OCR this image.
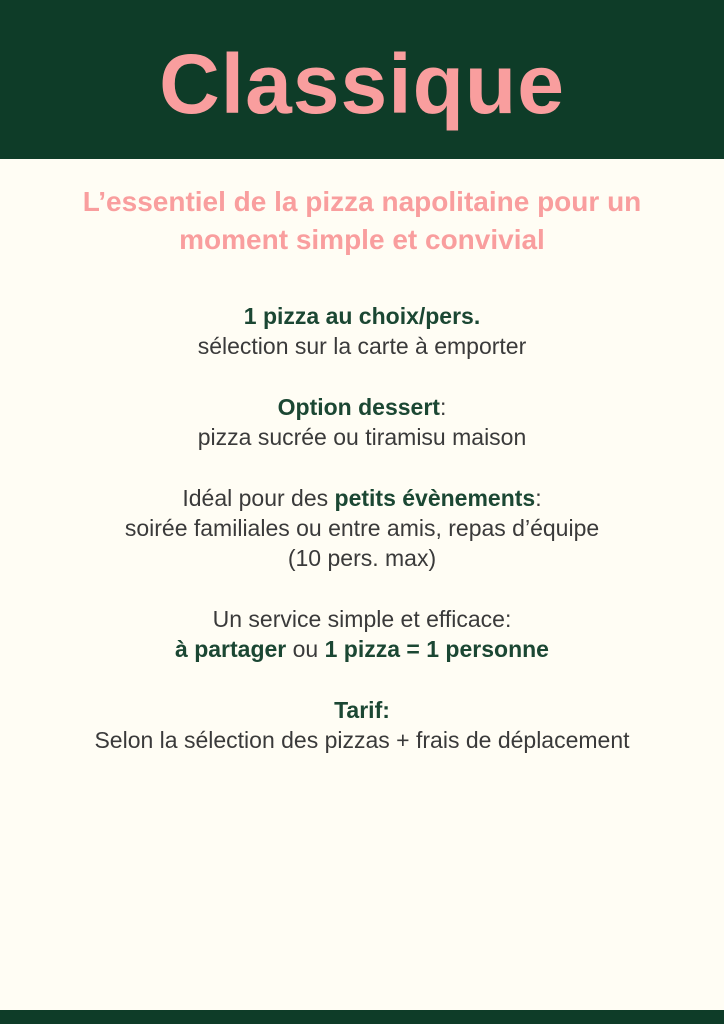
Classique
L’essentiel de la pizza napolitaine pour un
moment simple et convivial
1 pizza au choix/pers.
sélection sur la carte à emporter
Option dessert:
pizza sucrée ou tiramisu maison
Idéal pour des petits évènements:
soirée familiales ou entre amis, repas d’équipe
(10 pers. max)
Un service simple et efficace:
à partager ou 1 pizza = 1 personne
Tarif:
Selon la sélection des pizzas + frais de déplacement
